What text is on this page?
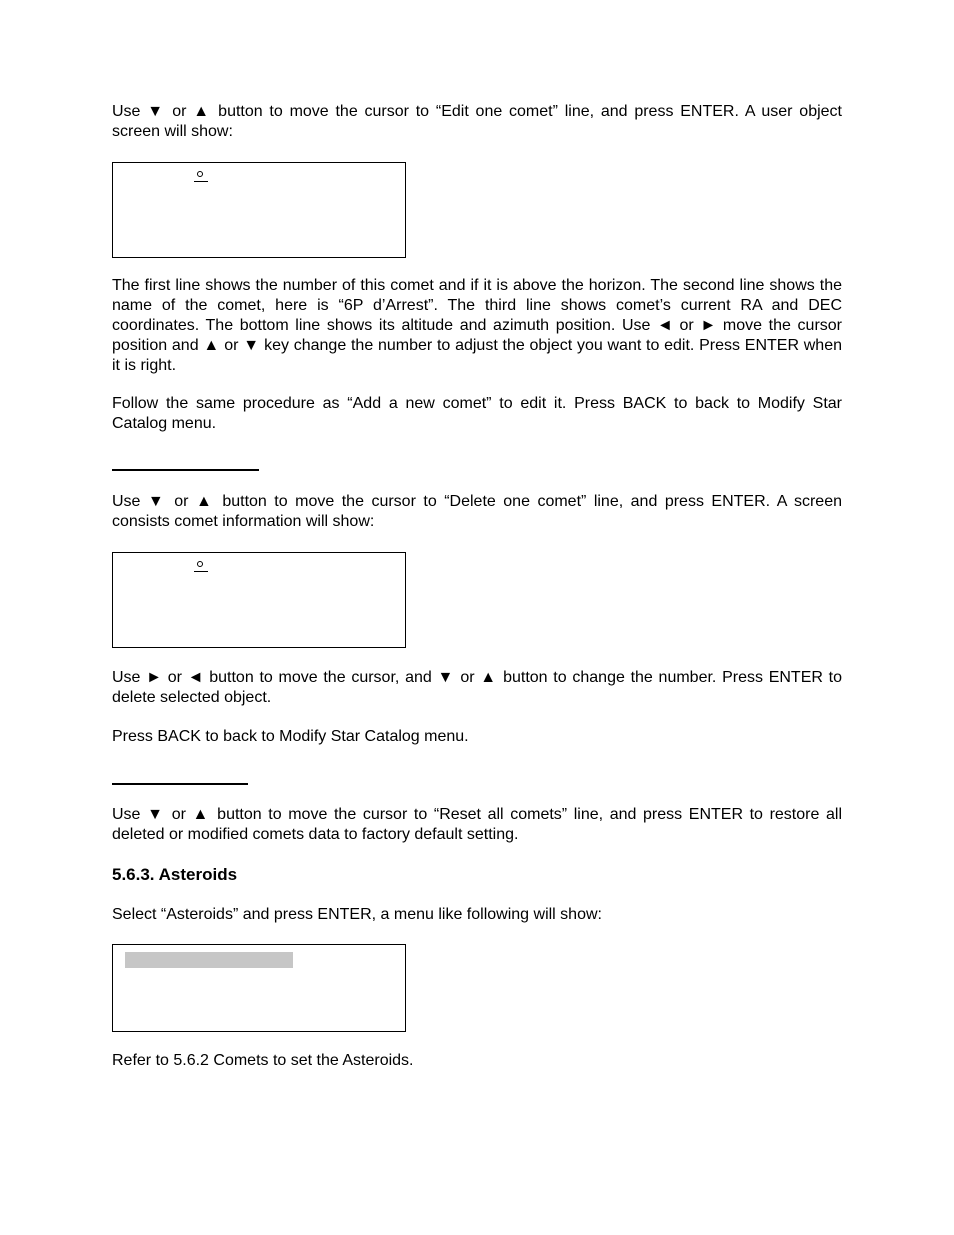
Use ▼ or ▲ button to move the cursor to “Edit one comet” line, and press ENTER. A user object screen will show:

The first line shows the number of this comet and if it is above the horizon. The second line shows the name of the comet, here is “6P d’Arrest”. The third line shows comet’s current RA and DEC coordinates. The bottom line shows its altitude and azimuth position. Use ◄ or ► move the cursor position and ▲ or ▼ key change the number to adjust the object you want to edit. Press ENTER when it is right.

Follow the same procedure as “Add a new comet” to edit it. Press BACK to back to Modify Star Catalog menu.

Use ▼ or ▲ button to move the cursor to “Delete one comet” line, and press ENTER. A screen consists comet information will show:

Use ► or ◄ button to move the cursor, and ▼ or ▲ button to change the number. Press ENTER to delete selected object.

Press BACK to back to Modify Star Catalog menu.

Use ▼ or ▲ button to move the cursor to “Reset all comets” line, and press ENTER to restore all deleted or modified comets data to factory default setting.

5.6.3. Asteroids

Select “Asteroids” and press ENTER, a menu like following will show:

Refer to 5.6.2 Comets to set the Asteroids.
